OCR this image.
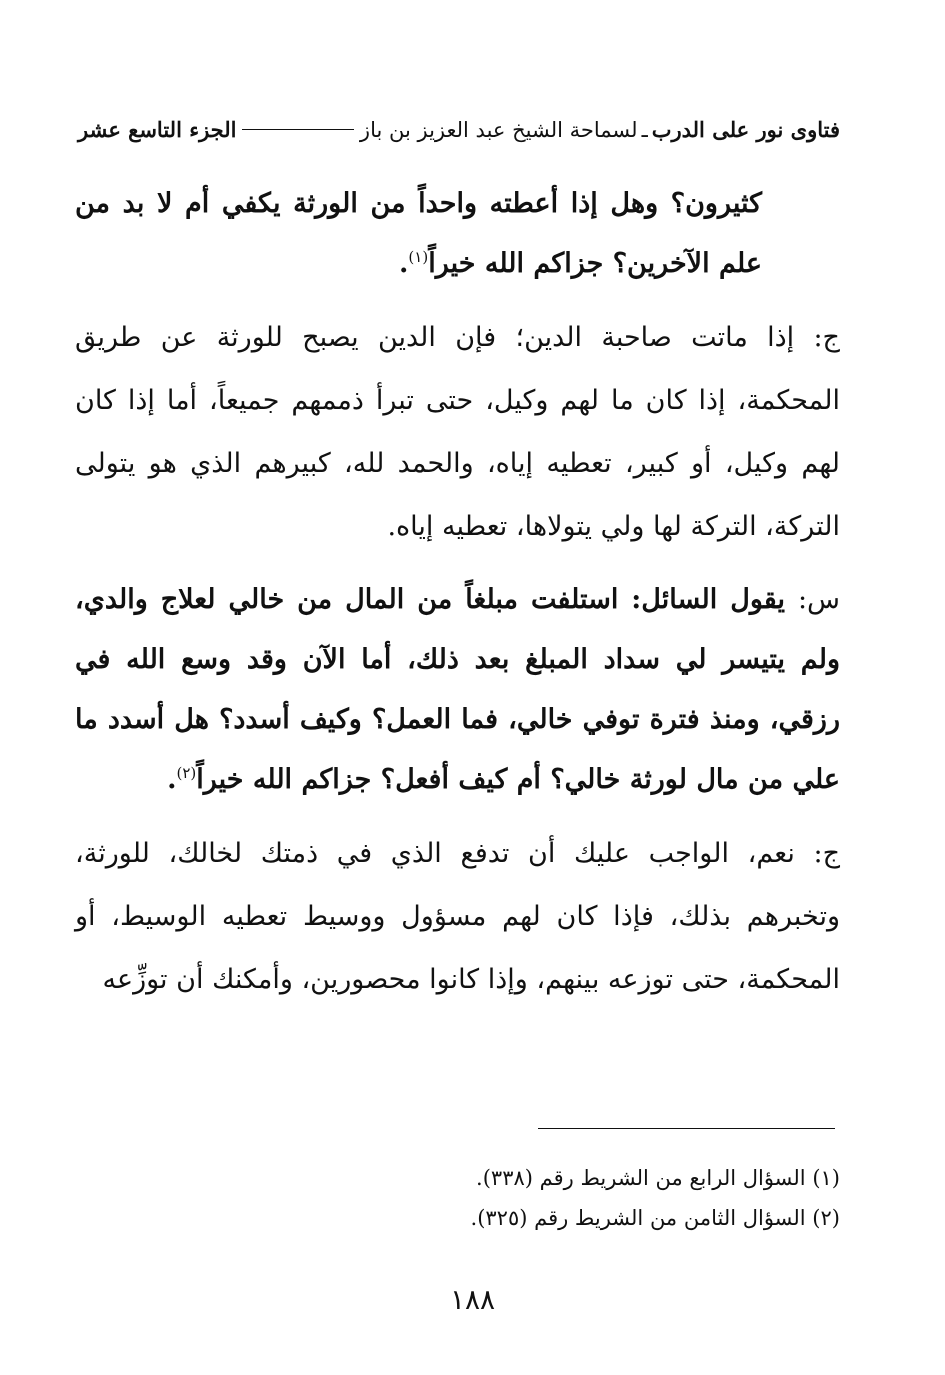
فتاوى نور على الدرب
ـ
لسماحة الشيخ عبد العزيز بن باز
الجزء التاسع عشر

كثيرون؟ وهل إذا أعطته واحداً من الورثة يكفي أم لا بد من علم الآخرين؟ جزاكم الله خيراً$^{(١)}$.

ج: إذا ماتت صاحبة الدين؛ فإن الدين يصبح للورثة عن طريق المحكمة، إذا كان ما لهم وكيل، حتى تبرأ ذممهم جميعاً، أما إذا كان لهم وكيل، أو كبير، تعطيه إياه، والحمد لله، كبيرهم الذي هو يتولى التركة، التركة لها ولي يتولاها، تعطيه إياه.

س: يقول السائل: استلفت مبلغاً من المال من خالي لعلاج والدي، ولم يتيسر لي سداد المبلغ بعد ذلك، أما الآن وقد وسع الله في رزقي، ومنذ فترة توفي خالي، فما العمل؟ وكيف أسدد؟ هل أسدد ما علي من مال لورثة خالي؟ أم كيف أفعل؟ جزاكم الله خيراً$^{(٢)}$.

ج: نعم، الواجب عليك أن تدفع الذي في ذمتك لخالك، للورثة، وتخبرهم بذلك، فإذا كان لهم مسؤول ووسيط تعطيه الوسيط، أو المحكمة، حتى توزعه بينهم، وإذا كانوا محصورين، وأمكنك أن توزِّعه

(١) السؤال الرابع من الشريط رقم (٣٣٨).

(٢) السؤال الثامن من الشريط رقم (٣٢٥).

١٨٨
